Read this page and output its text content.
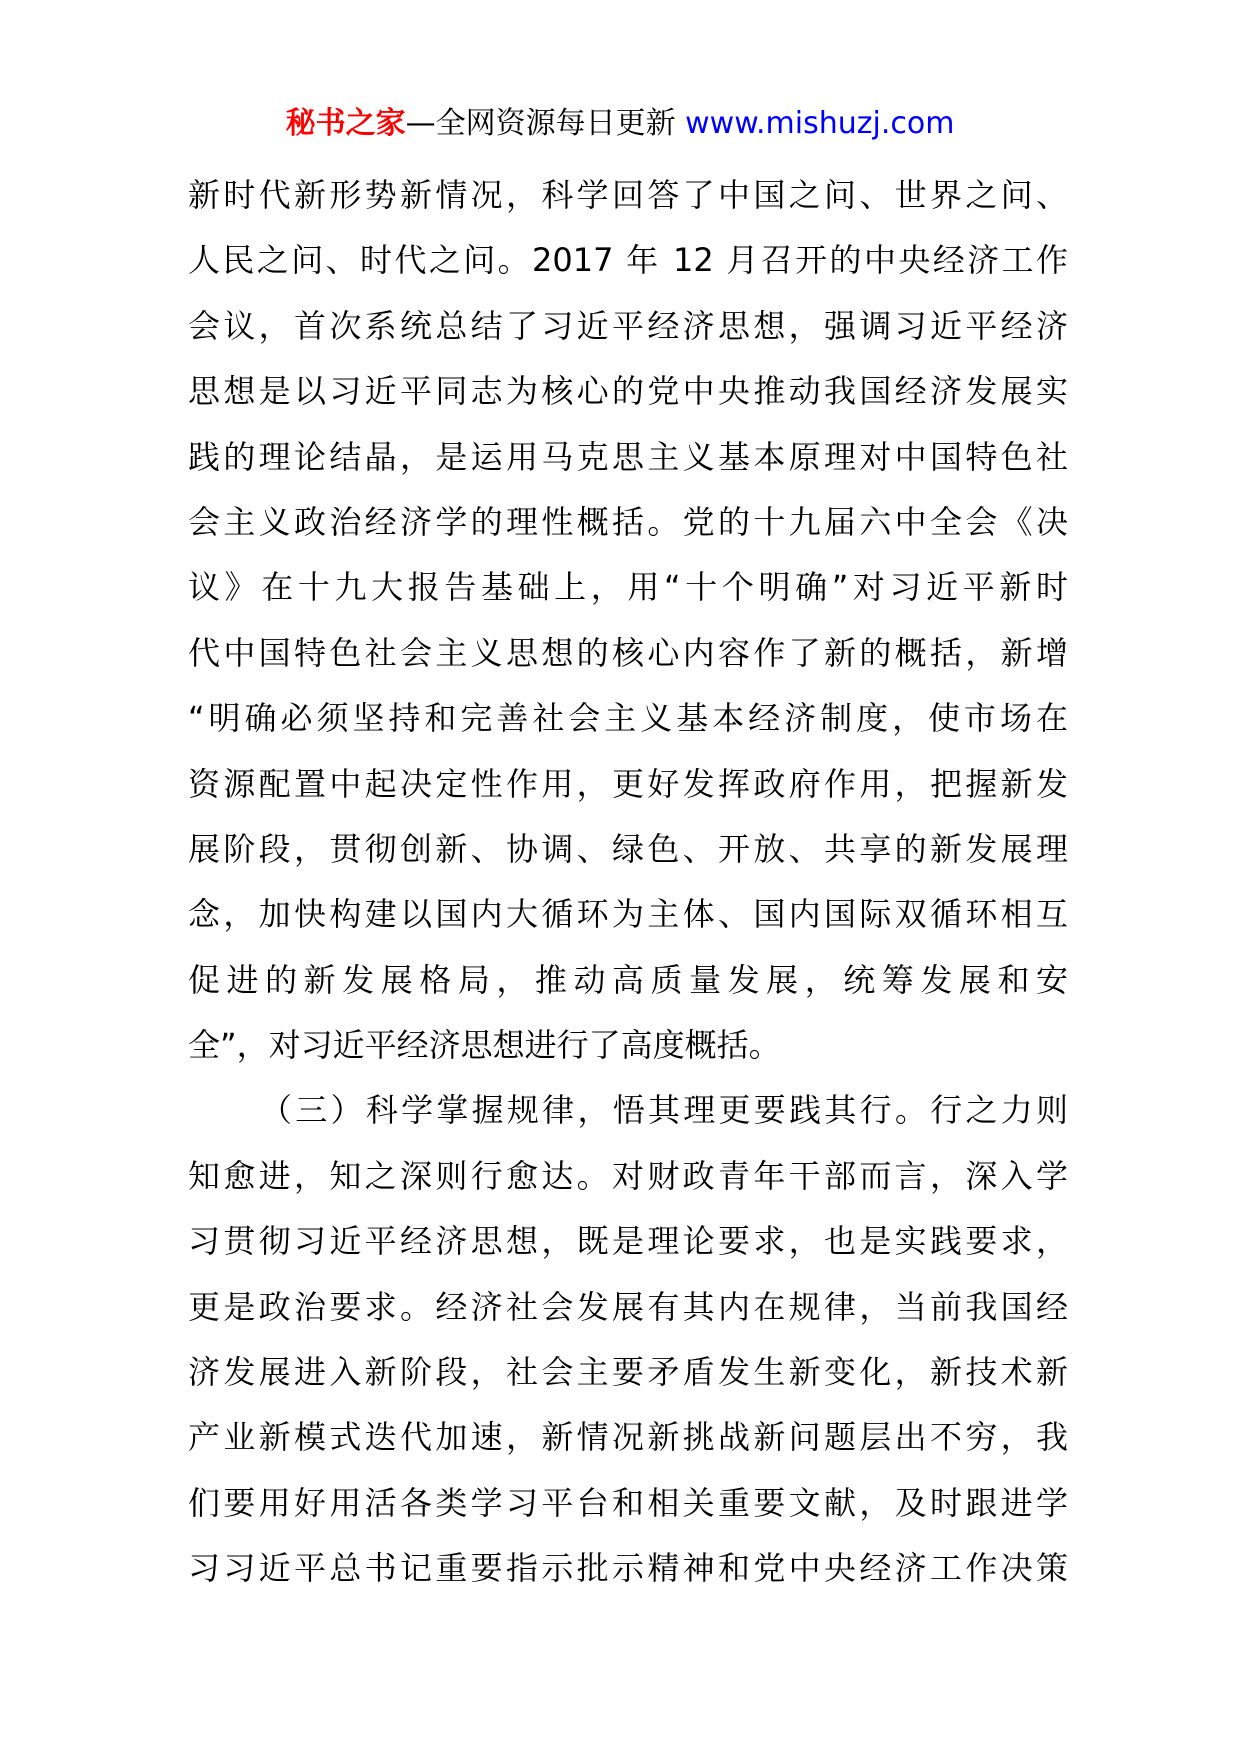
秘书之家—全网资源每日更新 www.mishuzj.com
新时代新形势新情况，科学回答了中国之问、世界之问、
人民之问、时代之问。2017 年 12 月召开的中央经济工作
会议，首次系统总结了习近平经济思想，强调习近平经济
思想是以习近平同志为核心的党中央推动我国经济发展实
践的理论结晶，是运用马克思主义基本原理对中国特色社
会主义政治经济学的理性概括。党的十九届六中全会《决
议》在十九大报告基础上，用“十个明确”对习近平新时
代中国特色社会主义思想的核心内容作了新的概括，新增
“明确必须坚持和完善社会主义基本经济制度，使市场在
资源配置中起决定性作用，更好发挥政府作用，把握新发
展阶段，贯彻创新、协调、绿色、开放、共享的新发展理
念，加快构建以国内大循环为主体、国内国际双循环相互
促进的新发展格局，推动高质量发展，统筹发展和安
全”，对习近平经济思想进行了高度概括。
（三）科学掌握规律，悟其理更要践其行。行之力则
知愈进，知之深则行愈达。对财政青年干部而言，深入学
习贯彻习近平经济思想，既是理论要求，也是实践要求，
更是政治要求。经济社会发展有其内在规律，当前我国经
济发展进入新阶段，社会主要矛盾发生新变化，新技术新
产业新模式迭代加速，新情况新挑战新问题层出不穷，我
们要用好用活各类学习平台和相关重要文献，及时跟进学
习习近平总书记重要指示批示精神和党中央经济工作决策
